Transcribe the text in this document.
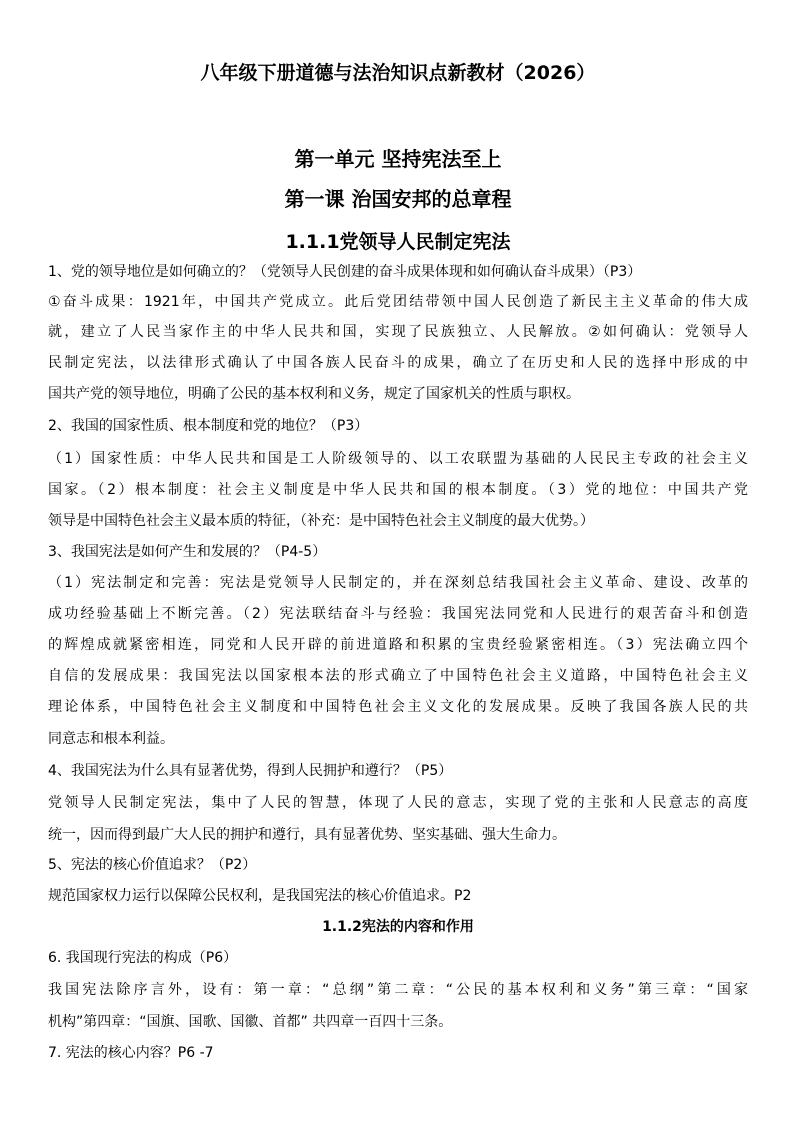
八年级下册道德与法治知识点新教材（2026）
第一单元 坚持宪法至上
第一课 治国安邦的总章程
1.1.1党领导人民制定宪法
1、党的领导地位是如何确立的？（党领导人民创建的奋斗成果体现和如何确认奋斗成果）（P3）
①奋斗成果：1921年，中国共产党成立。此后党团结带领中国人民创造了新民主主义革命的伟大成
就，建立了人民当家作主的中华人民共和国，实现了民族独立、人民解放。②如何确认：党领导人
民制定宪法，以法律形式确认了中国各族人民奋斗的成果，确立了在历史和人民的选择中形成的中
国共产党的领导地位，明确了公民的基本权利和义务，规定了国家机关的性质与职权。
2、我国的国家性质、根本制度和党的地位？（P3）
（1）国家性质：中华人民共和国是工人阶级领导的、以工农联盟为基础的人民民主专政的社会主义
国家。（2）根本制度：社会主义制度是中华人民共和国的根本制度。（3）党的地位：中国共产党
领导是中国特色社会主义最本质的特征，（补充：是中国特色社会主义制度的最大优势。）
3、我国宪法是如何产生和发展的？（P4-5）
（1）宪法制定和完善：宪法是党领导人民制定的，并在深刻总结我国社会主义革命、建设、改革的
成功经验基础上不断完善。（2）宪法联结奋斗与经验：我国宪法同党和人民进行的艰苦奋斗和创造
的辉煌成就紧密相连，同党和人民开辟的前进道路和积累的宝贵经验紧密相连。（3）宪法确立四个
自信的发展成果：我国宪法以国家根本法的形式确立了中国特色社会主义道路，中国特色社会主义
理论体系，中国特色社会主义制度和中国特色社会主义文化的发展成果。反映了我国各族人民的共
同意志和根本利益。
4、我国宪法为什么具有显著优势，得到人民拥护和遵行？（P5）
党领导人民制定宪法，集中了人民的智慧，体现了人民的意志，实现了党的主张和人民意志的高度
统一，因而得到最广大人民的拥护和遵行，具有显著优势、坚实基础、强大生命力。
5、宪法的核心价值追求？（P2）
规范国家权力运行以保障公民权利，是我国宪法的核心价值追求。P2
1.1.2宪法的内容和作用
6. 我国现行宪法的构成（P6）
我国宪法除序言外，设有：第一章：“总纲”第二章：“公民的基本权利和义务”第三章：“国家
机构”第四章：“国旗、国歌、国徽、首都” 共四章一百四十三条。
7. 宪法的核心内容？P6 -7
